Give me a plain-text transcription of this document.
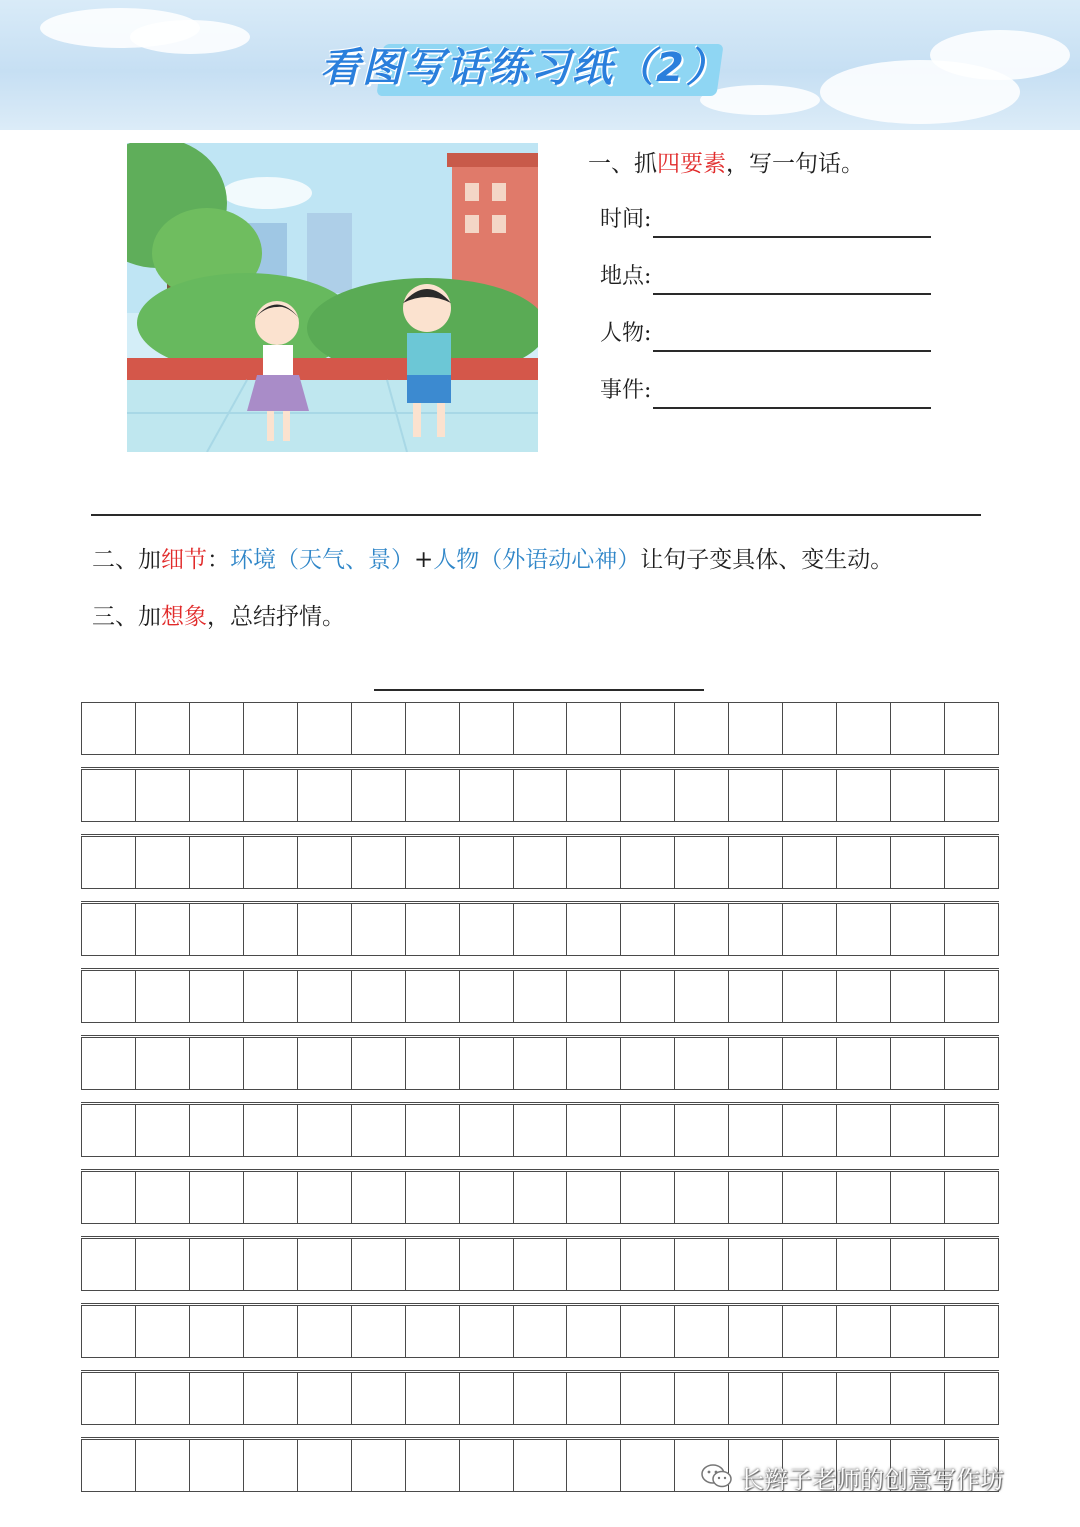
看图写话练习纸（2）
一、抓四要素，写一句话。
时间:
地点:
人物:
事件:
二、加细节：环境（天气、景）+人物（外语动心神）让句子变具体、变生动。
三、加想象，总结抒情。
长辫子老师的创意写作坊
